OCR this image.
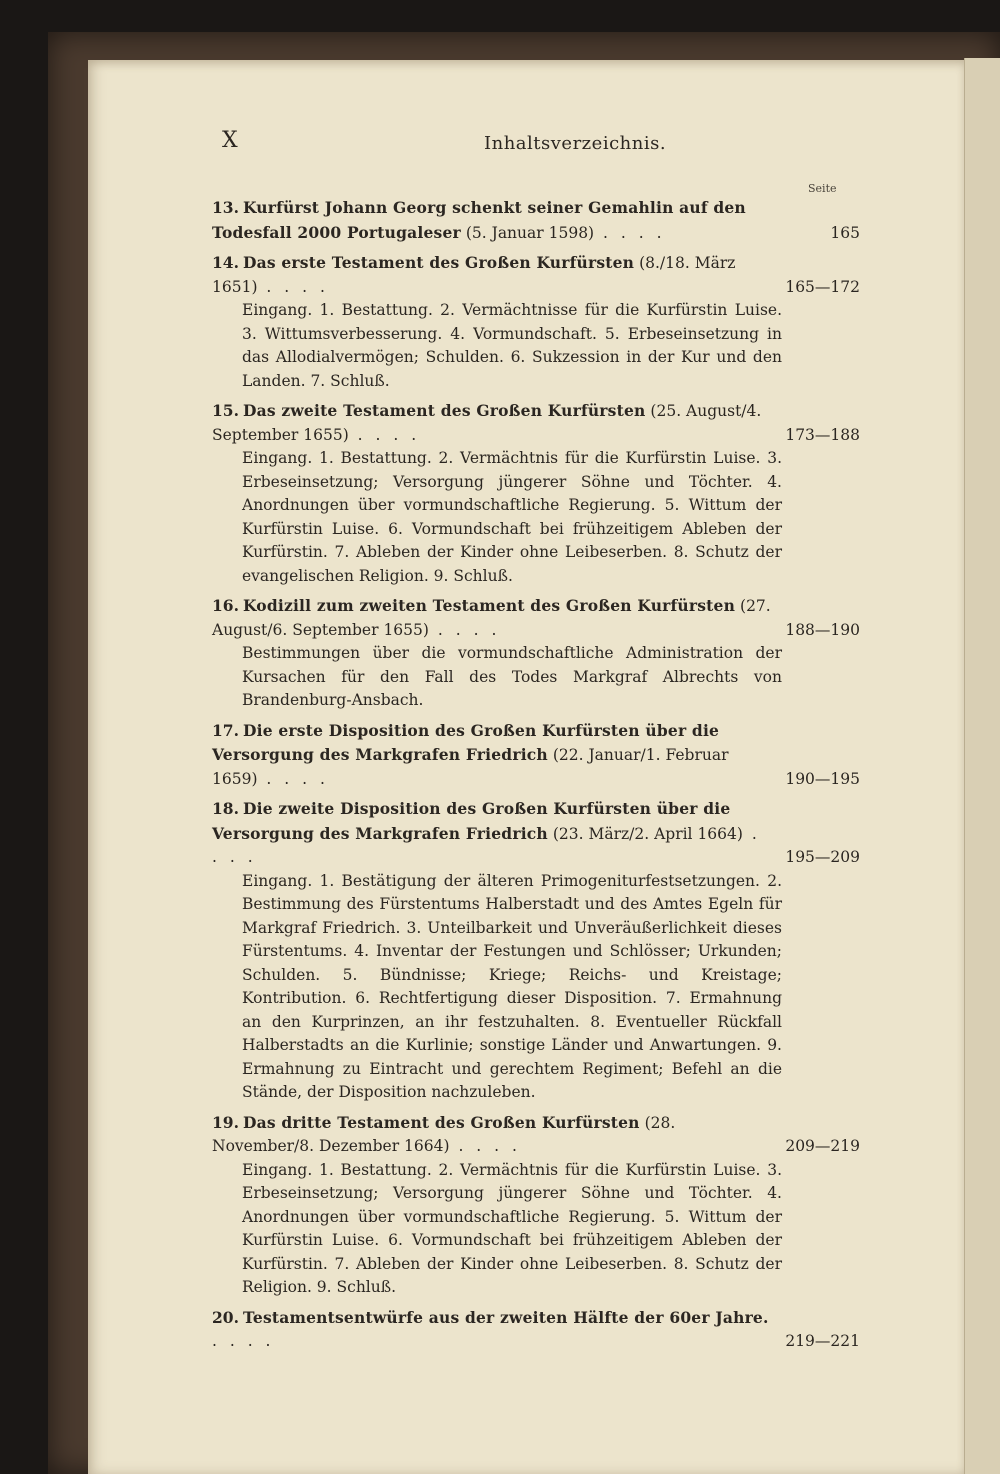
X	Inhaltsverzeichnis.
Seite
13. Kurfürst Johann Georg schenkt seiner Gemahlin auf den Todesfall 2000 Portugaleser (5. Januar 1598) . . . .	165
14. Das erste Testament des Großen Kurfürsten (8./18. März 1651) . . . .	165—172
Eingang. 1. Bestattung. 2. Vermächtnisse für die Kurfürstin Luise. 3. Wittumsverbesserung. 4. Vormundschaft. 5. Erbeseinsetzung in das Allodialvermögen; Schulden. 6. Sukzession in der Kur und den Landen. 7. Schluß.
15. Das zweite Testament des Großen Kurfürsten (25. August/4. September 1655) . . . .	173—188
Eingang. 1. Bestattung. 2. Vermächtnis für die Kurfürstin Luise. 3. Erbeseinsetzung; Versorgung jüngerer Söhne und Töchter. 4. Anordnungen über vormundschaftliche Regierung. 5. Wittum der Kurfürstin Luise. 6. Vormundschaft bei frühzeitigem Ableben der Kurfürstin. 7. Ableben der Kinder ohne Leibeserben. 8. Schutz der evangelischen Religion. 9. Schluß.
16. Kodizill zum zweiten Testament des Großen Kurfürsten (27. August/6. September 1655) . . . .	188—190
Bestimmungen über die vormundschaftliche Administration der Kursachen für den Fall des Todes Markgraf Albrechts von Brandenburg-Ansbach.
17. Die erste Disposition des Großen Kurfürsten über die Versorgung des Markgrafen Friedrich (22. Januar/1. Februar 1659) . . . .	190—195
18. Die zweite Disposition des Großen Kurfürsten über die Versorgung des Markgrafen Friedrich (23. März/2. April 1664) . . . .	195—209
Eingang. 1. Bestätigung der älteren Primogeniturfestsetzungen. 2. Bestimmung des Fürstentums Halberstadt und des Amtes Egeln für Markgraf Friedrich. 3. Unteilbarkeit und Unveräußerlichkeit dieses Fürstentums. 4. Inventar der Festungen und Schlösser; Urkunden; Schulden. 5. Bündnisse; Kriege; Reichs- und Kreistage; Kontribution. 6. Rechtfertigung dieser Disposition. 7. Ermahnung an den Kurprinzen, an ihr festzuhalten. 8. Eventueller Rückfall Halberstadts an die Kurlinie; sonstige Länder und Anwartungen. 9. Ermahnung zu Eintracht und gerechtem Regiment; Befehl an die Stände, der Disposition nachzuleben.
19. Das dritte Testament des Großen Kurfürsten (28. November/8. Dezember 1664) . . . .	209—219
Eingang. 1. Bestattung. 2. Vermächtnis für die Kurfürstin Luise. 3. Erbeseinsetzung; Versorgung jüngerer Söhne und Töchter. 4. Anordnungen über vormundschaftliche Regierung. 5. Wittum der Kurfürstin Luise. 6. Vormundschaft bei frühzeitigem Ableben der Kurfürstin. 7. Ableben der Kinder ohne Leibeserben. 8. Schutz der Religion. 9. Schluß.
20. Testamentsentwürfe aus der zweiten Hälfte der 60er Jahre. . . . .	219—221
